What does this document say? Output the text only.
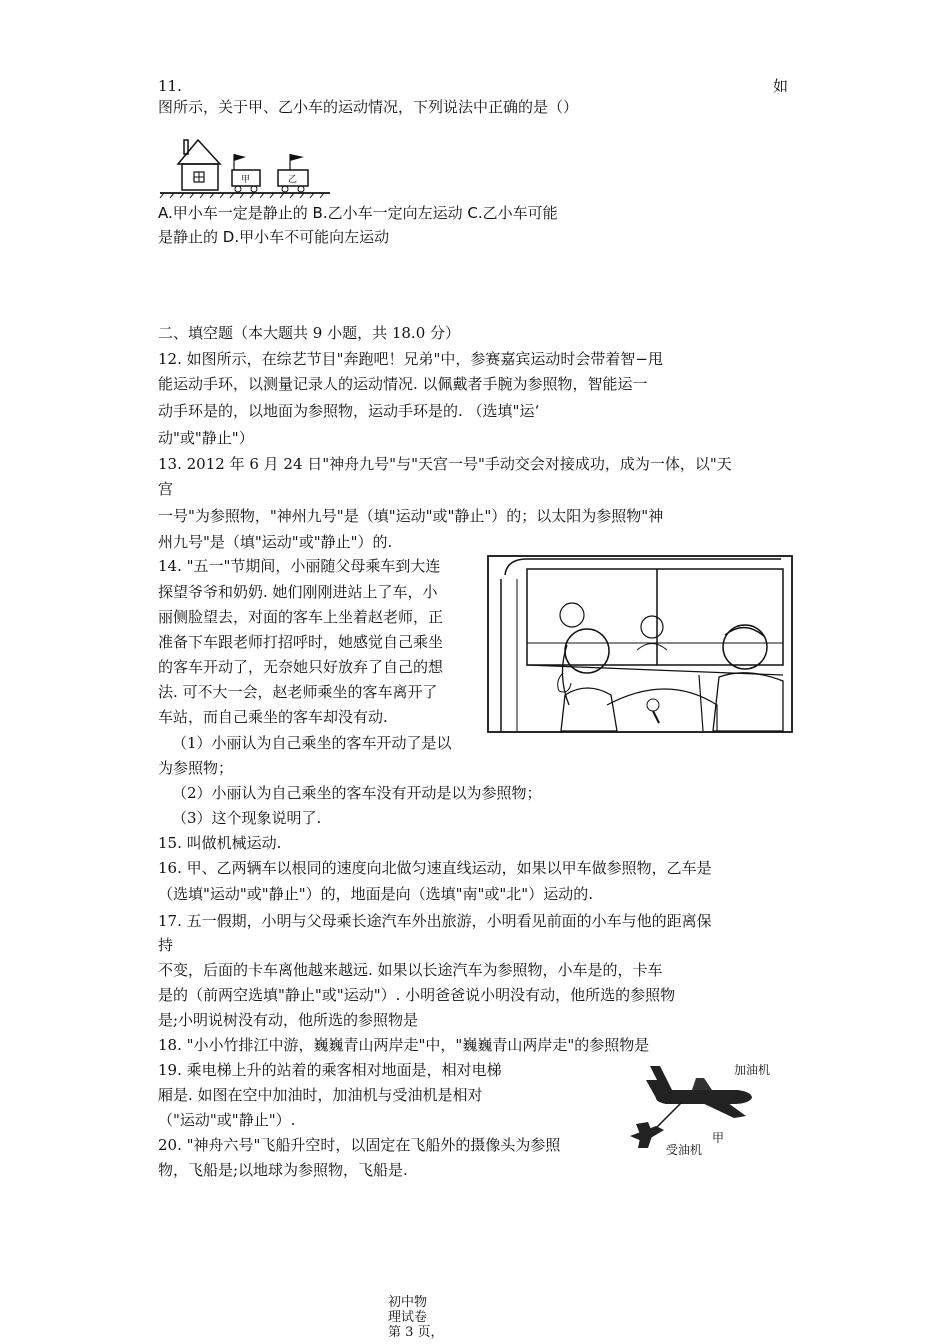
11.	如
图所示，关于甲、乙小车的运动情况，下列说法中正确的是（）
甲	乙
A.甲小车一定是静止的 B.乙小车一定向左运动 C.乙小车可能
是静止的 D.甲小车不可能向左运动
二、填空题（本大题共 9 小题，共 18.0 分）
12. 如图所示，在综艺节目"奔跑吧！兄弟"中，参赛嘉宾运动时会带着智−甩
能运动手环，以测量记录人的运动情况. 以佩戴者手腕为参照物，智能运一
动手环是的，以地面为参照物，运动手环是的. （选填"运‘
动"或"静止"）
13. 2012 年 6 月 24 日"神舟九号"与"天宫一号"手动交会对接成功，成为一体，以"天
宫
一号"为参照物，"神州九号"是（填"运动"或"静止"）的；以太阳为参照物"神
州九号"是（填"运动"或"静止"）的.
14. "五一"节期间，小丽随父母乘车到大连
探望爷爷和奶奶. 她们刚刚进站上了车，小
丽侧脸望去，对面的客车上坐着赵老师，正
准备下车跟老师打招呼时，她感觉自己乘坐
的客车开动了，无奈她只好放弃了自己的想
法. 可不大一会，赵老师乘坐的客车离开了
车站，而自己乘坐的客车却没有动.
（1）小丽认为自己乘坐的客车开动了是以
为参照物；
（2）小丽认为自己乘坐的客车没有开动是以为参照物；
（3）这个现象说明了.
15. 叫做机械运动.
16. 甲、乙两辆车以根同的速度向北做匀速直线运动，如果以甲车做参照物，乙车是
（选填"运动"或"静止"）的，地面是向（选填"南"或"北"）运动的.
17. 五一假期，小明与父母乘长途汽车外出旅游，小明看见前面的小车与他的距离保
持
不变，后面的卡车离他越来越远. 如果以长途汽车为参照物，小车是的，卡车
是的（前两空选填"静止"或"运动"）. 小明爸爸说小明没有动，他所选的参照物
是;小明说树没有动，他所选的参照物是
18. "小小竹排江中游，巍巍青山两岸走"中，"巍巍青山两岸走"的参照物是
19. 乘电梯上升的站着的乘客相对地面是，相对电梯
厢是. 如图在空中加油时，加油机与受油机是相对
（"运动"或"静止"）.
加油机
受油机
甲
20. "神舟六号"飞船升空时，以固定在飞船外的摄像头为参照
物，飞船是;以地球为参照物，飞船是.
初中物
理试卷
第 3 页，
